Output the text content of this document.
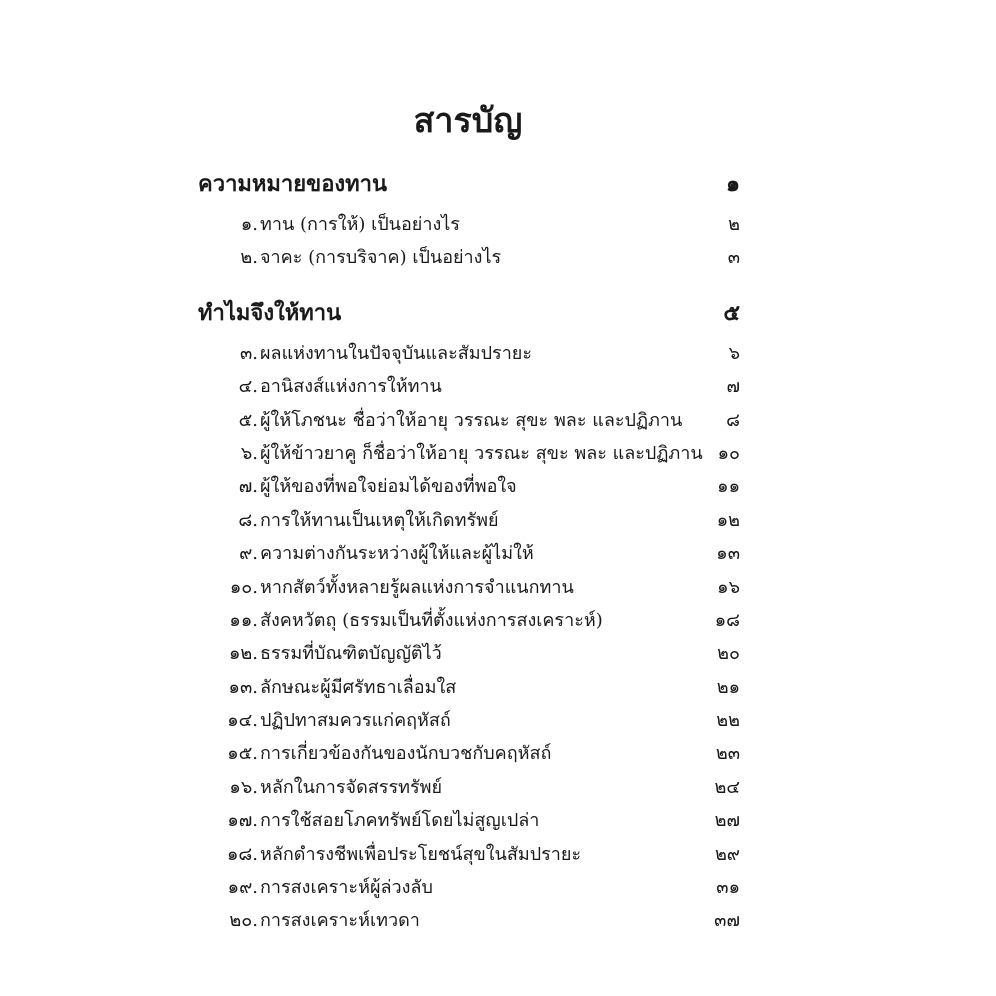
สารบัญ
ความหมายของทาน	๑
๑. ทาน (การให้) เป็นอย่างไร	๒
๒. จาคะ (การบริจาค) เป็นอย่างไร	๓
ทำไมจึงให้ทาน	๕
๓. ผลแห่งทานในปัจจุบันและสัมปรายะ	๖
๔. อานิสงส์แห่งการให้ทาน	๗
๕. ผู้ให้โภชนะ ชื่อว่าให้อายุ วรรณะ สุขะ พละ และปฏิภาน ๘
๖. ผู้ให้ข้าวยาคู ก็ชื่อว่าให้อายุ วรรณะ สุขะ พละ และปฏิภาน ๑๐
๗. ผู้ให้ของที่พอใจย่อมได้ของที่พอใจ	๑๑
๘. การให้ทานเป็นเหตุให้เกิดทรัพย์	๑๒
๙. ความต่างกันระหว่างผู้ให้และผู้ไม่ให้	๑๓
๑๐. หากสัตว์ทั้งหลายรู้ผลแห่งการจำแนกทาน	๑๖
๑๑. สังคหวัตถุ (ธรรมเป็นที่ตั้งแห่งการสงเคราะห์)	๑๘
๑๒. ธรรมที่บัณฑิตบัญญัติไว้	๒๐
๑๓. ลักษณะผู้มีศรัทธาเลื่อมใส	๒๑
๑๔. ปฏิปทาสมควรแก่คฤหัสถ์	๒๒
๑๕. การเกี่ยวข้องกันของนักบวชกับคฤหัสถ์	๒๓
๑๖. หลักในการจัดสรรทรัพย์	๒๔
๑๗. การใช้สอยโภคทรัพย์โดยไม่สูญเปล่า	๒๗
๑๘. หลักดำรงชีพเพื่อประโยชน์สุขในสัมปรายะ	๒๙
๑๙. การสงเคราะห์ผู้ล่วงลับ	๓๑
๒๐. การสงเคราะห์เทวดา	๓๗
